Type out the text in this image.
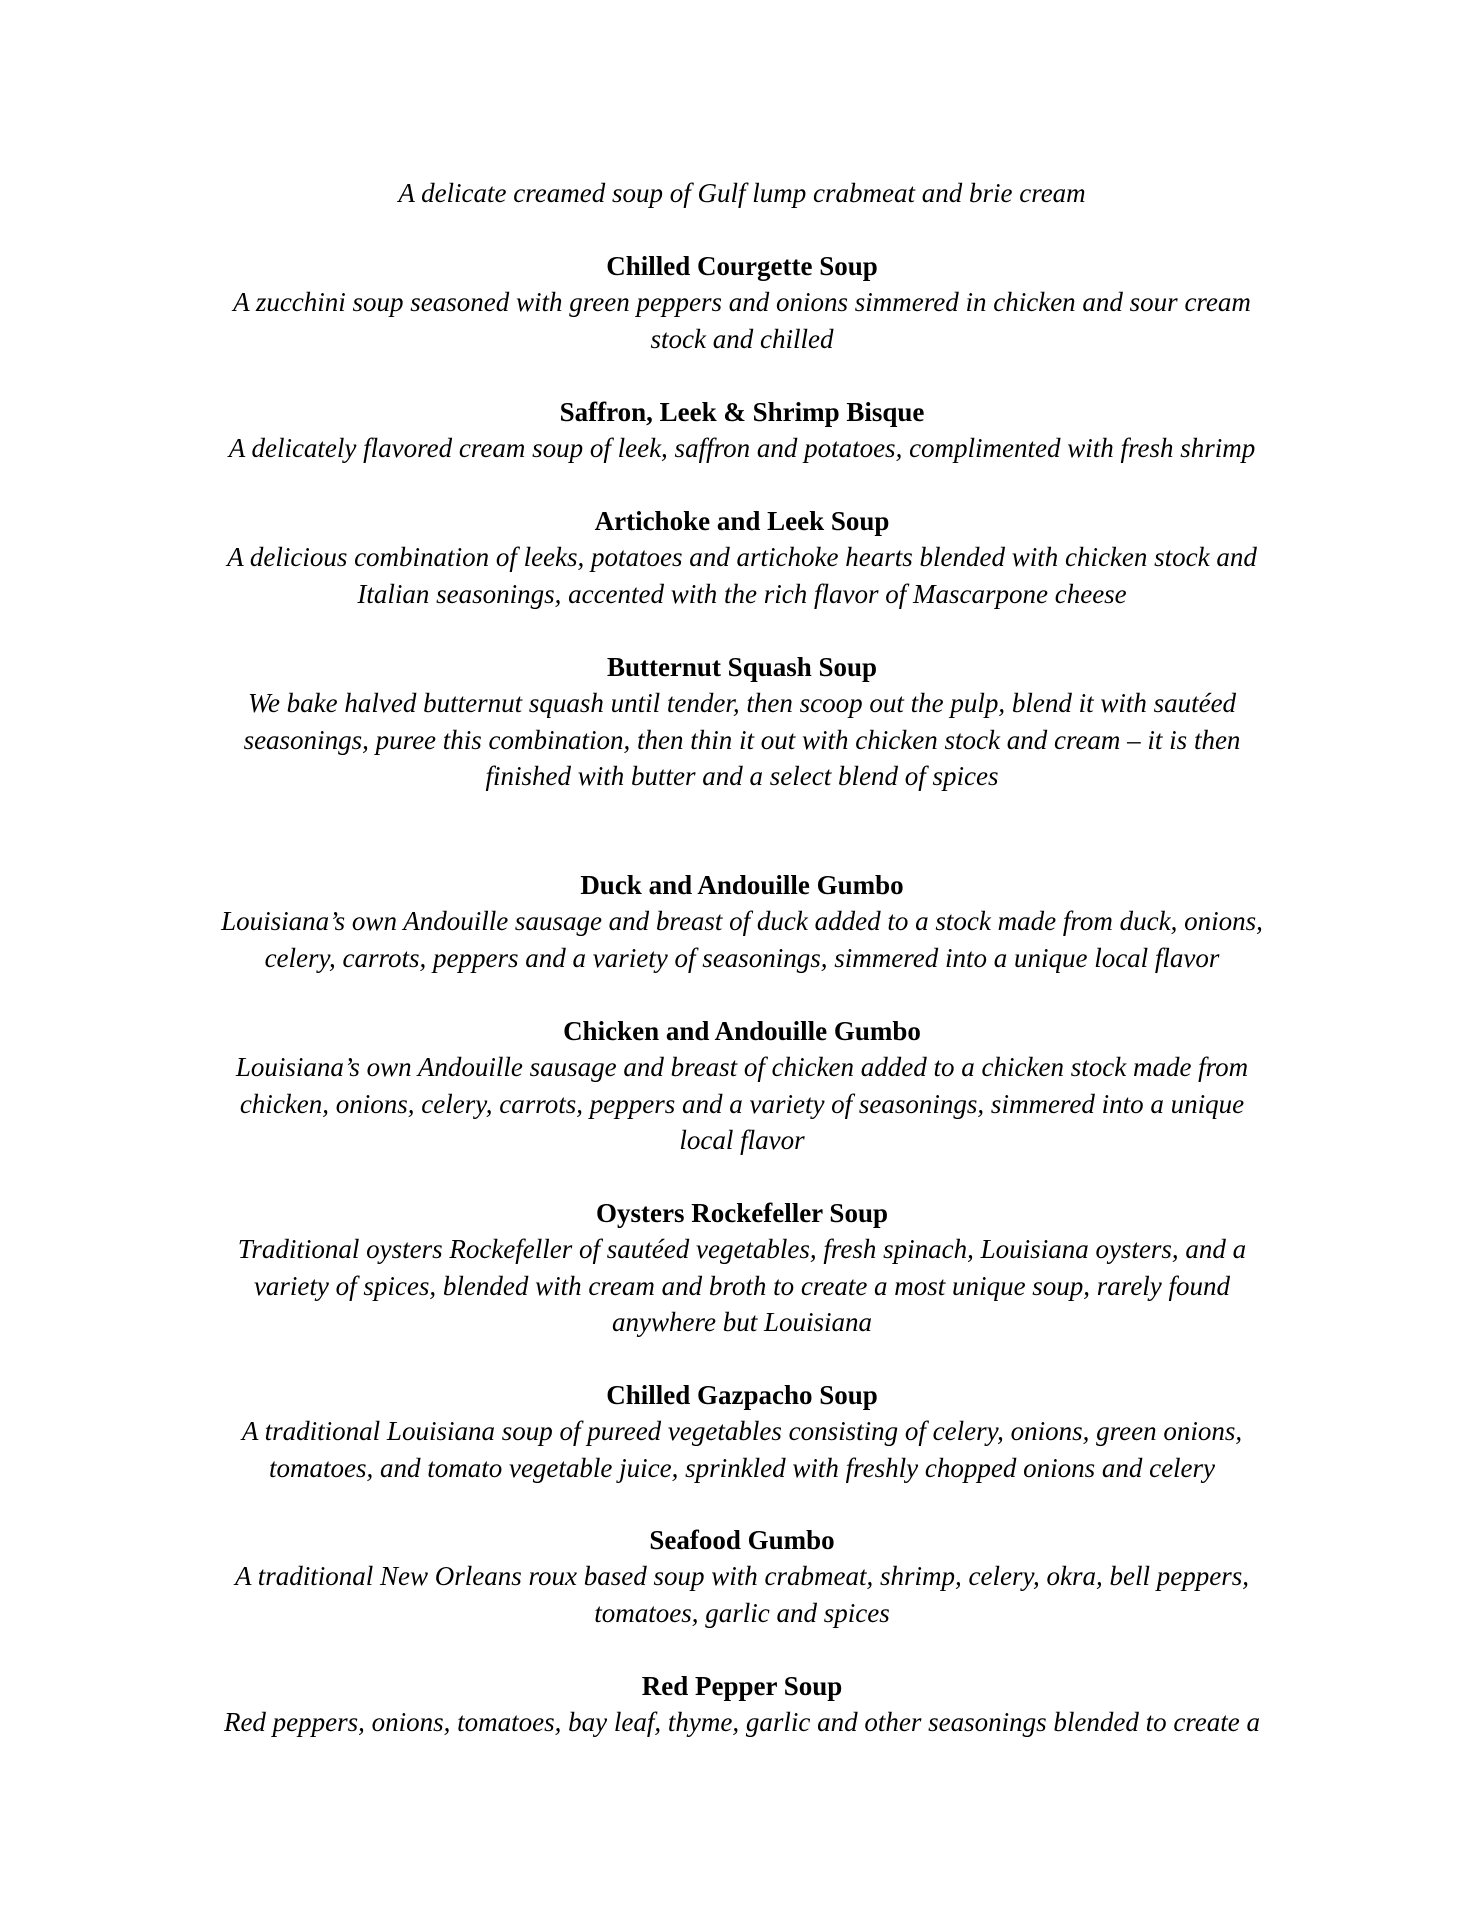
A delicate creamed soup of Gulf lump crabmeat and brie cream
Chilled Courgette Soup
A zucchini soup seasoned with green peppers and onions simmered in chicken and sour cream
stock and chilled
Saffron, Leek & Shrimp Bisque
A delicately flavored cream soup of leek, saffron and potatoes, complimented with fresh shrimp
Artichoke and Leek Soup
A delicious combination of leeks, potatoes and artichoke hearts blended with chicken stock and
Italian seasonings, accented with the rich flavor of Mascarpone cheese
Butternut Squash Soup
We bake halved butternut squash until tender, then scoop out the pulp, blend it with sautéed
seasonings, puree this combination, then thin it out with chicken stock and cream – it is then
finished with butter and a select blend of spices
Duck and Andouille Gumbo
Louisiana’s own Andouille sausage and breast of duck added to a stock made from duck, onions,
celery, carrots, peppers and a variety of seasonings, simmered into a unique local flavor
Chicken and Andouille Gumbo
Louisiana’s own Andouille sausage and breast of chicken added to a chicken stock made from
chicken, onions, celery, carrots, peppers and a variety of seasonings, simmered into a unique
local flavor
Oysters Rockefeller Soup
Traditional oysters Rockefeller of sautéed vegetables, fresh spinach, Louisiana oysters, and a
variety of spices, blended with cream and broth to create a most unique soup, rarely found
anywhere but Louisiana
Chilled Gazpacho Soup
A traditional Louisiana soup of pureed vegetables consisting of celery, onions, green onions,
tomatoes, and tomato vegetable juice, sprinkled with freshly chopped onions and celery
Seafood Gumbo
A traditional New Orleans roux based soup with crabmeat, shrimp, celery, okra, bell peppers,
tomatoes, garlic and spices
Red Pepper Soup
Red peppers, onions, tomatoes, bay leaf, thyme, garlic and other seasonings blended to create a
